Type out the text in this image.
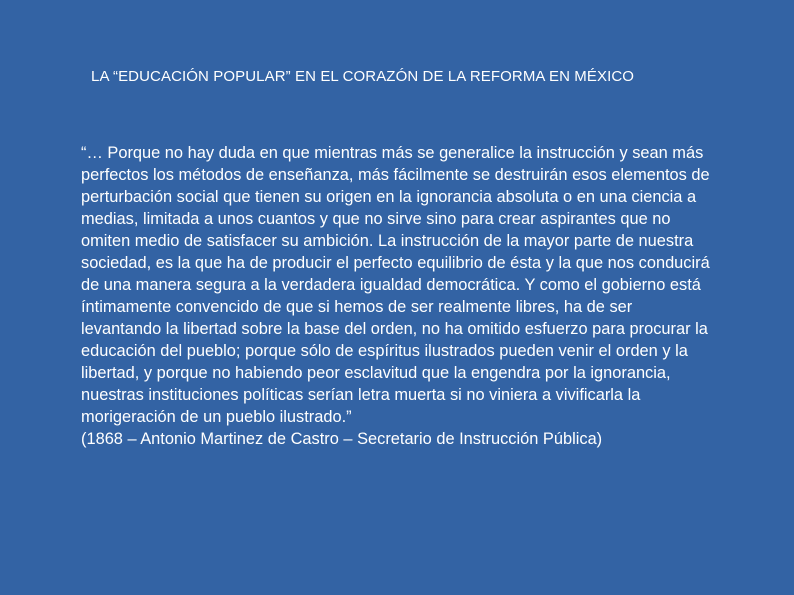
LA “EDUCACIÓN POPULAR” EN EL CORAZÓN DE LA REFORMA EN MÉXICO

“… Porque no hay duda en que mientras más se generalice la instrucción y sean más perfectos los métodos de enseñanza, más fácilmente se destruirán esos elementos de perturbación social que tienen su origen en la ignorancia absoluta o en una ciencia a medias, limitada a unos cuantos y que no sirve sino para crear aspirantes que no omiten medio de satisfacer su ambición. La instrucción de la mayor parte de nuestra sociedad, es la que ha de producir el perfecto equilibrio de ésta y la que nos conducirá de una manera segura a la verdadera igualdad democrática. Y como el gobierno está íntimamente convencido de que si hemos de ser realmente libres, ha de ser levantando la libertad sobre la base del orden, no ha omitido esfuerzo para procurar la educación del pueblo; porque sólo de espíritus ilustrados pueden venir el orden y la libertad, y porque no habiendo peor esclavitud que la engendra por la ignorancia, nuestras instituciones políticas serían letra muerta si no viniera a vivificarla la morigeración de un pueblo ilustrado.”

(1868 – Antonio Martinez de Castro – Secretario de Instrucción Pública)
